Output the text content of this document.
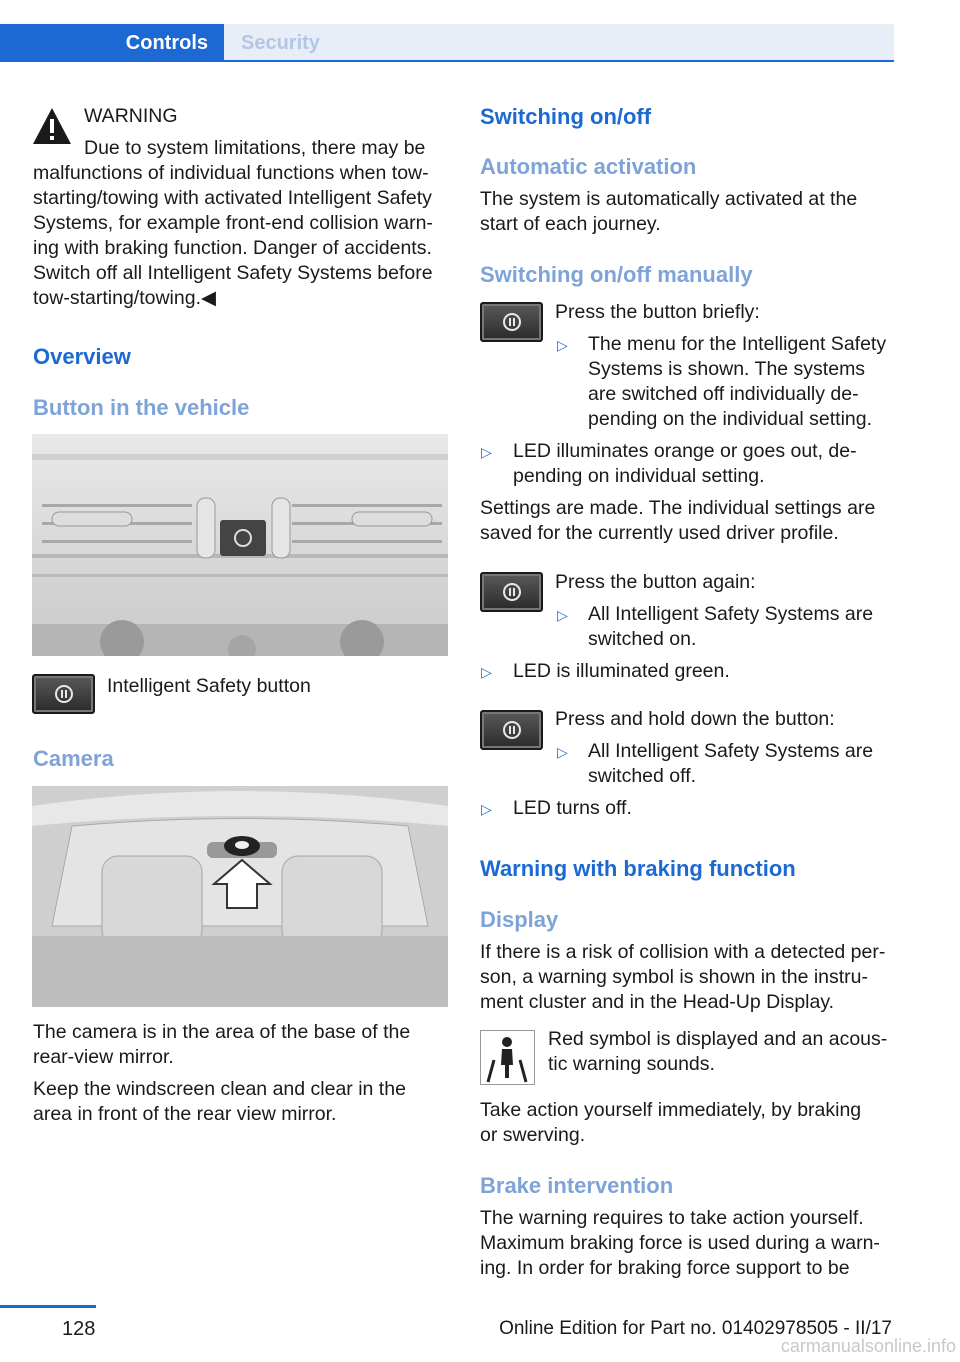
Controls	Security
WARNING
Due to system limitations, there may be
malfunctions of individual functions when tow-
starting/towing with activated Intelligent Safety
Systems, for example front-end collision warn-
ing with braking function. Danger of accidents.
Switch off all Intelligent Safety Systems before
tow-starting/towing.◀
Overview
Button in the vehicle
Intelligent Safety button
Camera
The camera is in the area of the base of the
rear-view mirror.
Keep the windscreen clean and clear in the
area in front of the rear view mirror.
Switching on/off
Automatic activation
The system is automatically activated at the
start of each journey.
Switching on/off manually
Press the button briefly:
▷ The menu for the Intelligent Safety
Systems is shown. The systems
are switched off individually de-
pending on the individual setting.
▷ LED illuminates orange or goes out, de-
pending on individual setting.
Settings are made. The individual settings are
saved for the currently used driver profile.
Press the button again:
▷ All Intelligent Safety Systems are
switched on.
▷ LED is illuminated green.
Press and hold down the button:
▷ All Intelligent Safety Systems are
switched off.
▷ LED turns off.
Warning with braking function
Display
If there is a risk of collision with a detected per-
son, a warning symbol is shown in the instru-
ment cluster and in the Head-Up Display.
Red symbol is displayed and an acous-
tic warning sounds.
Take action yourself immediately, by braking
or swerving.
Brake intervention
The warning requires to take action yourself.
Maximum braking force is used during a warn-
ing. In order for braking force support to be
128	Online Edition for Part no. 01402978505 - II/17
carmanualsonline.info
